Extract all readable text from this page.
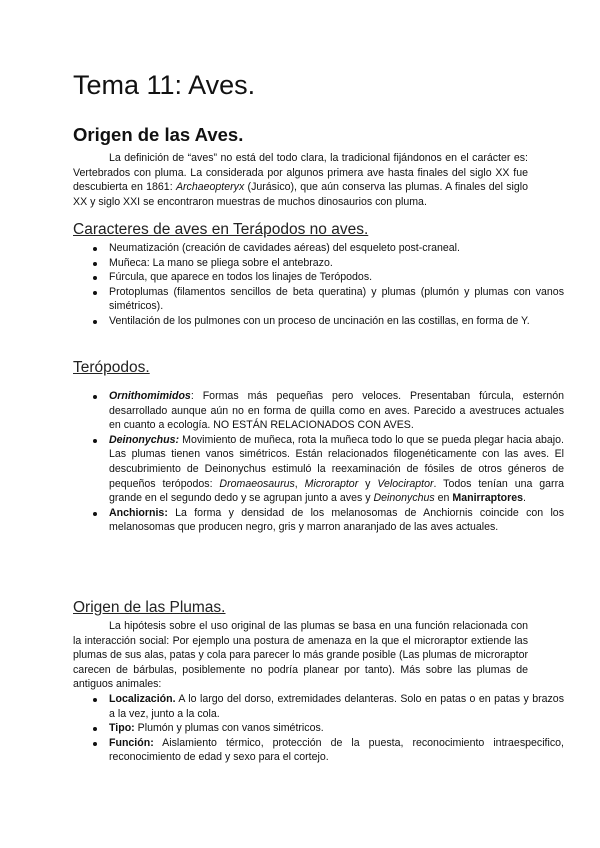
Tema 11: Aves.
Origen de las Aves.

La definición de “aves” no está del todo clara, la tradicional fijándonos en el carácter es: Vertebrados con pluma. La considerada por algunos primera ave hasta finales del siglo XX fue descubierta en 1861: Archaeopteryx (Jurásico), que aún conserva las plumas. A finales del siglo XX y siglo XXI se encontraron muestras de muchos dinosaurios con pluma.

Caracteres de aves en Terápodos no aves.
Neumatización (creación de cavidades aéreas) del esqueleto post-craneal.
Muñeca: La mano se pliega sobre el antebrazo.
Fúrcula, que aparece en todos los linajes de Terópodos.
Protoplumas (filamentos sencillos de beta queratina) y plumas (plumón y plumas con vanos simétricos).
Ventilación de los pulmones con un proceso de uncinación en las costillas, en forma de Y.
Terópodos.
Ornithomimidos: Formas más pequeñas pero veloces. Presentaban fúrcula, esternón desarrollado aunque aún no en forma de quilla como en aves. Parecido a avestruces actuales en cuanto a ecología. NO ESTÁN RELACIONADOS CON AVES.
Deinonychus: Movimiento de muñeca, rota la muñeca todo lo que se pueda plegar hacia abajo. Las plumas tienen vanos simétricos. Están relacionados filogenéticamente con las aves. El descubrimiento de Deinonychus estimuló la reexaminación de fósiles de otros géneros de pequeños terópodos: Dromaeosaurus, Microraptor y Velociraptor. Todos tenían una garra grande en el segundo dedo y se agrupan junto a aves y Deinonychus en Manirraptores.
Anchiornis: La forma y densidad de los melanosomas de Anchiornis coincide con los melanosomas que producen negro, gris y marron anaranjado de las aves actuales.
Origen de las Plumas.

La hipótesis sobre el uso original de las plumas se basa en una función relacionada con la interacción social: Por ejemplo una postura de amenaza en la que el microraptor extiende las plumas de sus alas, patas y cola para parecer lo más grande posible (Las plumas de microraptor carecen de bárbulas, posiblemente no podría planear por tanto). Más sobre las plumas de antiguos animales:

Localización. A lo largo del dorso, extremidades delanteras. Solo en patas o en patas y brazos a la vez, junto a la cola.
Tipo: Plumón y plumas con vanos simétricos.
Función: Aislamiento térmico, protección de la puesta, reconocimiento intraespecifico, reconocimiento de edad y sexo para el cortejo.
